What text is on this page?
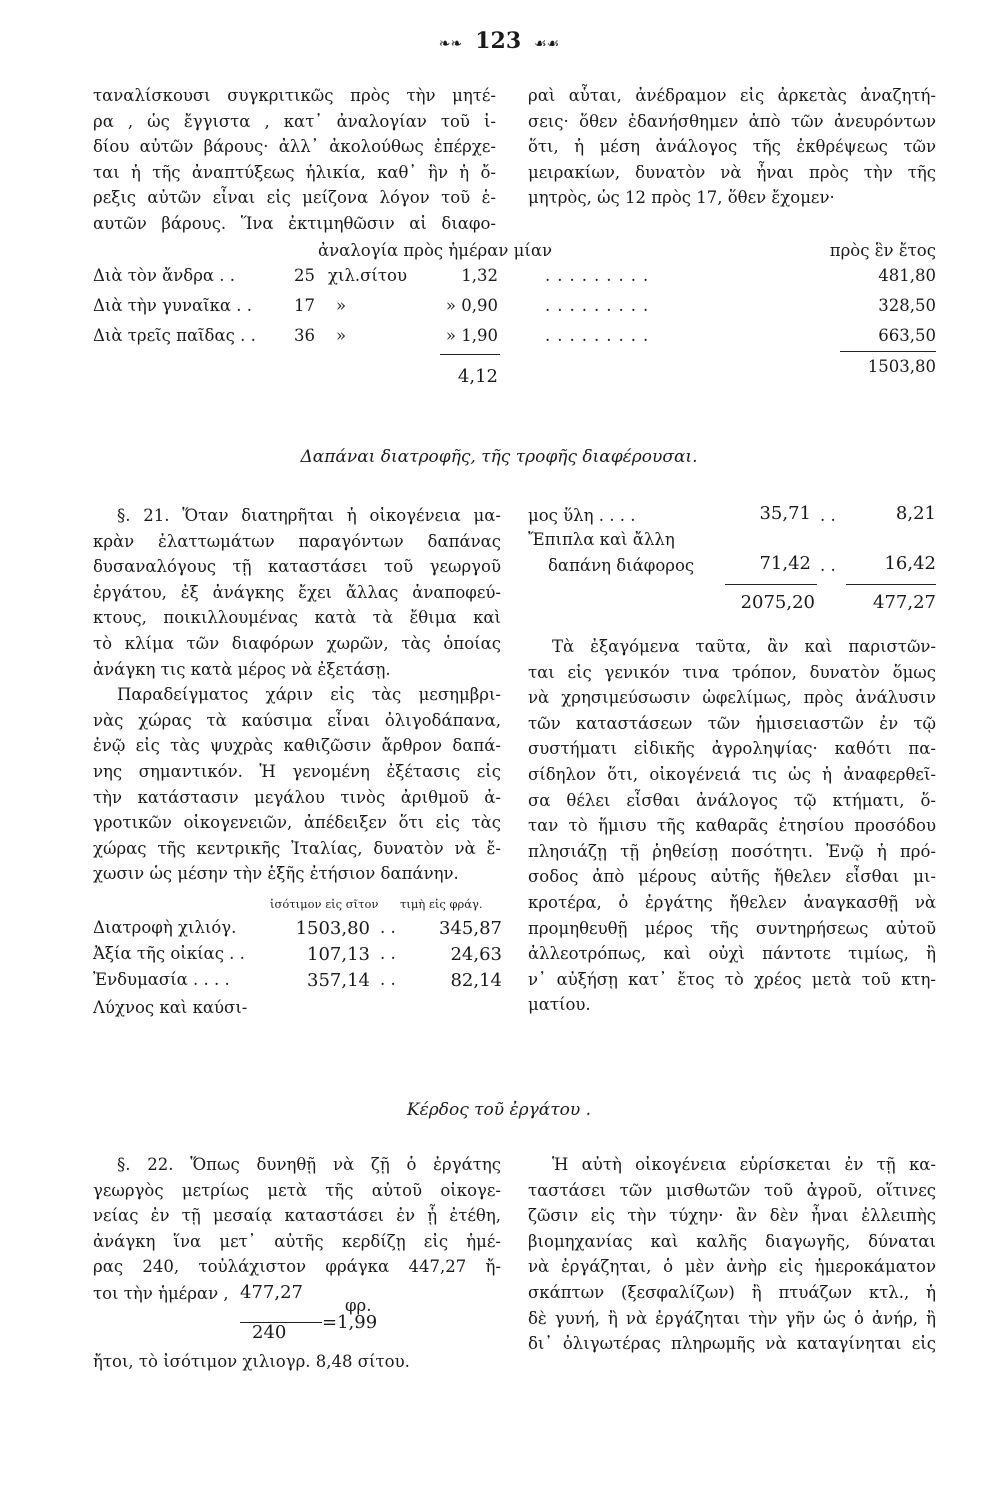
❧❧ 123 ☙☙
ταναλίσκουσι συγκριτικῶς πρὸς τὴν μητέ-
ρα , ὡς ἔγγιστα , κατ᾽ ἀναλογίαν τοῦ ἰ-
δίου αὐτῶν βάρους· ἀλλ᾽ ἀκολούθως ἐπέρχε-
ται ἡ τῆς ἀναπτύξεως ἡλικία, καθ᾽ ἣν ἡ ὄ-
ρεξις αὐτῶν εἶναι εἰς μείζονα λόγον τοῦ ἑ-
αυτῶν βάρους. Ἵνα ἐκτιμηθῶσιν αἱ διαφο-
ραὶ αὗται, ἀνέδραμον εἰς ἀρκετὰς ἀναζητή-
σεις· ὅθεν ἐδανήσθημεν ἀπὸ τῶν ἀνευρόντων
ὅτι, ἡ μέση ἀνάλογος τῆς ἐκθρέψεως τῶν
μειρακίων, δυνατὸν νὰ ἦναι πρὸς τὴν τῆς
μητρὸς, ὡς 12 πρὸς 17, ὅθεν ἔχομεν·
ἀναλογία πρὸς ἡμέραν μίαν	πρὸς ἓν ἔτος
Διὰ τὸν ἄνδρα . .	25 χιλ.σίτου	1,32	.........	481,80
Διὰ τὴν γυναῖκα . .	17 »	» 0,90	.........	328,50
Διὰ τρεῖς παῖδας . .	36 »	» 1,90	.........	663,50
4,12	1503,80
Δαπάναι διατροφῆς, τῆς τροφῆς διαφέρουσαι.
§. 21. Ὅταν διατηρῆται ἡ οἰκογένεια μα-
κρὰν ἐλαττωμάτων παραγόντων δαπάνας
δυσαναλόγους τῇ καταστάσει τοῦ γεωργοῦ
ἐργάτου, ἐξ ἀνάγκης ἔχει ἄλλας ἀναποφεύ-
κτους, ποικιλλουμένας κατὰ τὰ ἔθιμα καὶ
τὸ κλίμα τῶν διαφόρων χωρῶν, τὰς ὁποίας
ἀνάγκη τις κατὰ μέρος νὰ ἐξετάσῃ.
Παραδείγματος χάριν εἰς τὰς μεσημβρι-
νὰς χώρας τὰ καύσιμα εἶναι ὀλιγοδάπανα,
ἐνῷ εἰς τὰς ψυχρὰς καθιζῶσιν ἄρθρον δαπά-
νης σημαντικόν. Ἡ γενομένη ἐξέτασις εἰς
τὴν κατάστασιν μεγάλου τινὸς ἀριθμοῦ ἀ-
γροτικῶν οἰκογενειῶν, ἀπέδειξεν ὅτι εἰς τὰς
χώρας τῆς κεντρικῆς Ἰταλίας, δυνατὸν νὰ ἔ-
χωσιν ὡς μέσην τὴν ἑξῆς ἐτήσιον δαπάνην.
ἰσότιμον εἰς σῖτον τιμὴ εἰς φράγ.
Διατροφὴ χιλιόγ.	1503,80 . .	345,87
Ἀξία τῆς οἰκίας . .	107,13 . .	24,63
Ἐνδυμασία . . . .	357,14 . .	82,14
Λύχνος καὶ καύσι-
μος ὕλη . . . .	35,71 . .	8,21
Ἔπιπλα καὶ ἄλλη
δαπάνη διάφορος	71,42 . .	16,42
2075,20	477,27
Τὰ ἐξαγόμενα ταῦτα, ἂν καὶ παριστῶν-
ται εἰς γενικόν τινα τρόπον, δυνατὸν ὅμως
νὰ χρησιμεύσωσιν ὠφελίμως, πρὸς ἀνάλυσιν
τῶν καταστάσεων τῶν ἡμισειαστῶν ἐν τῷ
συστήματι εἰδικῆς ἀγροληψίας· καθότι πα-
σίδηλον ὅτι, οἰκογένειά τις ὡς ἡ ἀναφερθεῖ-
σα θέλει εἶσθαι ἀνάλογος τῷ κτήματι, ὅ-
ταν τὸ ἥμισυ τῆς καθαρᾶς ἐτησίου προσόδου
πλησιάζῃ τῇ ῥηθείσῃ ποσότητι. Ἐνῷ ἡ πρό-
σοδος ἀπὸ μέρους αὐτῆς ἤθελεν εἶσθαι μι-
κροτέρα, ὁ ἐργάτης ἤθελεν ἀναγκασθῇ νὰ
προμηθευθῇ μέρος τῆς συντηρήσεως αὐτοῦ
ἀλλεοτρόπως, καὶ οὐχὶ πάντοτε τιμίως, ἢ
ν᾽ αὐξήσῃ κατ᾽ ἔτος τὸ χρέος μετὰ τοῦ κτη-
ματίου.
Κέρδος τοῦ ἐργάτου .
§. 22. Ὅπως δυνηθῇ νὰ ζῇ ὁ ἐργάτης
γεωργὸς μετρίως μετὰ τῆς αὐτοῦ οἰκογε-
νείας ἐν τῇ μεσαίᾳ καταστάσει ἐν ᾗ ἐτέθη,
ἀνάγκη ἵνα μετ᾽ αὐτῆς κερδίζῃ εἰς ἡμέ-
ρας 240, τοὐλάχιστον φράγκα 447,27 ἤ-
τοι τὴν ἡμέραν , 477,27
φρ.
240 =1,99
ἤτοι, τὸ ἰσότιμον χιλιογρ. 8,48 σίτου.
Ἡ αὐτὴ οἰκογένεια εὑρίσκεται ἐν τῇ κα-
ταστάσει τῶν μισθωτῶν τοῦ ἀγροῦ, οἵτινες
ζῶσιν εἰς τὴν τύχην· ἂν δὲν ἦναι ἐλλειπὴς
βιομηχανίας καὶ καλῆς διαγωγῆς, δύναται
νὰ ἐργάζηται, ὁ μὲν ἀνὴρ εἰς ἡμεροκάματον
σκάπτων (ξεσφαλίζων) ἢ πτυάζων κτλ., ἡ
δὲ γυνή, ἢ νὰ ἐργάζηται τὴν γῆν ὡς ὁ ἀνήρ, ἢ
δι᾽ ὀλιγωτέρας πληρωμῆς νὰ καταγίνηται εἰς
